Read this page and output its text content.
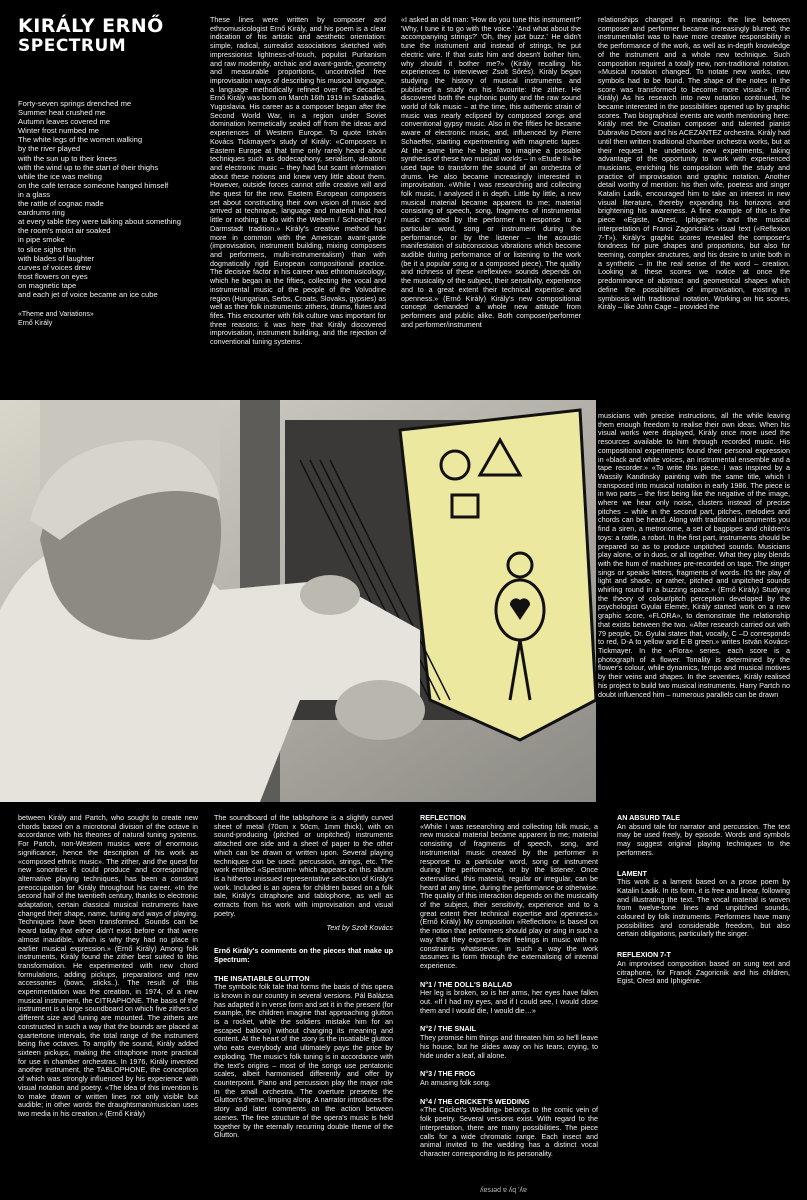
KIRÁLY ERNŐ
SPECTRUM
Forty-seven springs drenched me
Summer heat crushed me
Autumn leaves covered me
Winter frost numbed me
The white legs of the women walking
by the river played
with the sun up to their knees
with the wind up to the start of their thighs
while the ice was melting
on the café terrace someone hanged himself
in a glass
the rattle of cognac made
eardrums ring
at every table they were talking about something
the room's moist air soaked
in pipe smoke
to slice sighs thin
with blades of laughter
curves of voices drew
frost flowers on eyes
on magnetic tape
and each jet of voice became an ice cube
«Theme and Variations»
Ernő Király

These lines were written by composer and ethnomusicologist Ernő Király, and his poem is a clear indication of his artistic and aesthetic orientation: simple, radical, surrealist associations sketched with impressionist lightness-of-touch, populist Puritanism and raw modernity, archaic and avant-garde, geometry and measurable proportions, uncontrolled free improvisation ways of describing his musical language, a language methodically refined over the decades. Ernő Király was born on March 16th 1919 in Szabadka, Yugoslavia. His career as a composer began after the Second World War, in a region under Soviet domination hermetically sealed off from the ideas and experiences of Western Europe. To quote István Kovács Tickmayer's study of Király: «Composers in Eastern Europe at that time only rarely heard about techniques such as dodecaphony, serialism, aleatoric and electronic music – they had but scant information about these notions and knew very little about them. However, outside forces cannot stifle creative will and the quest for the new. Eastern European composers set about constructing their own vision of music and arrived at technique, language and material that had little or nothing to do with the Webern / Schoenberg / Darmstadt tradition.» Király's creative method has more in common with the American avant-garde (improvisation, instrument building, mixing composers and performers, multi-instrumentalism) than with dogmatically rigid European compositional practice. The decisive factor in his career was ethnomusicology, which he began in the fifties, collecting the vocal and instrumental music of the people of the Volvodine region (Hungarian, Serbs, Croats, Slovaks, gypsies) as well as their folk instruments: zithers, drums, flutes and fifes. This encounter with folk culture was important for three reasons: it was here that Király discovered improvisation, instrument building, and the rejection of conventional tuning systems.

«I asked an old man: 'How do you tune this instrument?' 'Why, I tune it to go with the voice.' 'And what about the accompanying strings?' 'Oh, they just buzz.' He didn't tune the instrument and instead of strings, he put electric wire. If that suits him and doesn't bother him, why should it bother me?» (Király recalling his experiences to interviewer Zsolt Sőrés). Király began studying the history of musical instruments and published a study on his favourite: the zither. He discovered both the euphonic purity and the raw sound world of folk music – at the time, this authentic strain of music was nearly eclipsed by composed songs and conventional gypsy music. Also in the fifties he became aware of electronic music, and, influenced by Pierre Schaeffer, starting experimenting with magnetic tapes. At the same time he began to imagine a possible synthesis of these two musical worlds – in «Etude II» he used tape to transform the sound of an orchestra of drums. He also became increasingly interested in improvisation. «While I was researching and collecting folk music, I analysed it in depth. Little by little, a new musical material became apparent to me; material consisting of speech, song, fragments of instrumental music created by the performer in response to a particular word, song or instrument during the performance, or by the listener – the acoustic manifestation of subconscious vibrations which become audible during performance of or listening to the work (be it a popular song or a composed piece). The quality and richness of these «reflexive» sounds depends on the musicality of the subject, their sensitivity, experience and to a great extent their technical expertise and openness.» (Ernő Király) Király's new compositional concept demanded a whole new attitude from performers and public alike. Both composer/performer and performer/instrument

relationships changed in meaning: the line between composer and performer became increasingly blurred; the instrumentalist was to have more creative responsibility in the performance of the work, as well as in-depth knowledge of the instrument and a whole new technique. Such composition required a totally new, non-traditional notation. «Musical notation changed. To notate new works, new symbols had to be found. The shape of the notes in the score was transformed to become more visual.» (Ernő Király) As his research into new notation continued, he became interested in the possibilities opened up by graphic scores. Two biographical events are worth mentioning here: Király met the Croatian composer and talented pianist Dubravko Detoni and his ACEZANTEZ orchestra. Király had until then written traditional chamber orchestra works, but at their request he undertook new experiments, taking advantage of the opportunity to work with experienced musicians, enriching his composition with the study and practice of improvisation and graphic notation. Another detail worthy of mention: his then wife, poetess and singer Katalin Ladik, encouraged him to take an interest in new visual literature, thereby expanding his horizons and brightening his awareness. A fine example of this is the piece «Egiste, Orest, Iphigenie» and the musical interpretation of Franci Zagoricnik's visual text («Reflexion 7-T»). Király's graphic scores revealed the composer's fondness for pure shapes and proportions, but also for teeming, complex structures, and his desire to unite both in a synthetic – in the real sense of the word – creation. Looking at these scores we notice at once the predominance of abstract and geometrical shapes which define the possibilities of improvisation, existing in symbiosis with traditional notation. Working on his scores, Király – like John Cage – provided the

musicians with precise instructions, all the while leaving them enough freedom to realise their own ideas. When his visual works were displayed, Király once more used the resources available to him through recorded music. His compositional experiments found their personal expression in «black and white voices, an instrumental ensemble and a tape recorder.» «To write this piece, I was inspired by a Wassily Kandinsky painting with the same title, which I transposed into musical notation in early 1986. The piece is in two parts – the first being like the negative of the image, where we hear only noise, clusters instead of precise pitches – while in the second part, pitches, melodies and chords can be heard. Along with traditional instruments you find a siren, a metronome, a set of bagpipes and children's toys: a rattle, a robot. In the first part, instruments should be prepared so as to produce unpitched sounds. Musicians play alone, or in duos, or all together. What they play blends with the hum of machines pre-recorded on tape. The singer sings or speaks letters, fragments of words. It's the play of light and shade, or rather, pitched and unpitched sounds whirling round in a buzzing space.» (Ernő Király) Studying the theory of colour/pitch perception developed by the psychologist Gyulai Elemér, Király started work on a new graphic score, «FLORA», to demonstrate the relationship that exists between the two. «After research carried out with 79 people, Dr. Gyulai states that, vocally, C –D corresponds to red, D-A to yellow and E-B green.» writes István Kovács-Tickmayer. In the «Flora» series, each score is a photograph of a flower. Tonality is determined by the flower's colour, while dynamics, tempo and musical motives by their veins and shapes. In the seventies, Király realised his project to build two musical instruments. Harry Partch no doubt influenced him – numerous parallels can be drawn

between Király and Partch, who sought to create new chords based on a microtonal division of the octave in accordance with his theories of natural tuning systems. For Partch, non-Western musics were of enormous significance, hence the description of his work as «composed ethnic music». The zither, and the quest for new sonorities it could produce and corresponding alternative playing techniques, has been a constant preoccupation for Király throughout his career. «In the second half of the twentieth century, thanks to electronic adaptation, certain classical musical instruments have changed their shape, name, tuning and ways of playing. Techniques have been transformed. Sounds can be heard today that either didn't exist before or that were almost inaudible, which is why they had no place in earlier musical expression.» (Ernő Király) Among folk instruments, Király found the zither best suited to this transformation. He experimented with new chord formulations, adding pickups, preparations and new accessories (bows, sticks..). The result of this experimentation was the creation, in 1974, of a new musical instrument, the CITRAPHONE. The basis of the instrument is a large soundboard on which five zithers of different size and tuning are mounted. The zithers are constructed in such a way that the bounds are placed at quartertone intervals, the total range of the instrument being five octaves. To amplify the sound, Király added sixteen pickups, making the citraphone more practical for use in chamber orchestras. In 1976, Király invented another instrument, the TABLOPHONE, the conception of which was strongly influenced by his experience with visual notation and poetry. «The idea of this invention is to make drawn or written lines not only visible but audible; in other words the draughtsman/musician uses two media in his creation.» (Ernő Király)

The soundboard of the tablophone is a slightly curved sheet of metal (70cm x 50cm, 1mm thick), with on sound-producing (pitched or unpitched) instruments attached one side and a sheet of paper to the other which can be drawn or written upon. Several playing techniques can be used: percussion, strings, etc. The work entitled «Spectrum» which appears on this album is a hitherto unissued representative selection of Király's work. Included is an opera for children based on a folk tale, Király's citraphone and tablophone, as well as extracts from his work with improvisation and visual poetry.

Text by Szolt Kovács
Ernő Király's comments on the pieces that make up Spectrum:
THE INSATIABLE GLUTTON

The symbolic folk tale that forms the basis of this opera is known in our country in several versions. Pál Balázsa has adapted it in verse form and set it in the present (for example, the children imagine that approaching glutton is a rocket, while the soldiers mistake him for an escaped balloon) without changing its meaning and content. At the heart of the story is the insatiable glutton who eats everybody and ultimately pays the price by exploding. The music's folk tuning is in accordance with the text's origins – most of the songs use pentatonic scales, albeit harmonised differently and offer by counterpoint. Piano and percussion play the major role in the small orchestra. The overture presents the Glutton's theme, limping along. A narrator introduces the story and later comments on the action between scenes. The free structure of the opera's music is held together by the eternally recurring double theme of the Glutton.

REFLECTION

«While I was researching and collecting folk music, a new musical material became apparent to me; material consisting of fragments of speech, song, and instrumental music created by the performer in response to a particular word, song or instrument during the performance, or by the listener. Once externalised, this material, regular or irregular, can be heard at any time, during the performance or otherwise. The quality of this interaction depends on the musicality of the subject, their sensitivity, experience and to a great extent their technical expertise and openness.» (Ernő Király) My composition «Reflection» is based on the notion that performers should play or sing in such a way that they express their feelings in music with no constraints whatsoever, in such a way the work assumes its form through the externalising of internal experience.

N°1 / THE DOLL'S BALLAD

Her leg is broken, so is her arms, her eyes have fallen out. «If I had my eyes, and if I could see, I would close them and I would die, I would die…»

N°2 / THE SNAIL

They promise him things and threaten him so he'll leave his house, but he slides away on his tears, crying, to hide under a leaf, all alone.

N°3 / THE FROG

An amusing folk song.

N°4 / THE CRICKET'S WEDDING

«The Cricket's Wedding» belongs to the comic vein of folk poetry. Several versions exist. With regard to the interpretation, there are many possibilities. The piece calls for a wide chromatic range. Each insect and animal invited to the wedding has a distinct vocal character corresponding to its personality.

AN ABSURD TALE

An absurd tale for narrator and percussion. The text may be used freely, by episode. Words and symbols may suggest original playing techniques to the performers.

LAMENT

This work is a lament based on a prose poem by Katalin Ladik. In its form, it is free and linear, following and illustrating the text. The vocal material is woven from twelve-tone lines and unpitched sounds, coloured by folk instruments. Performers have many possibilities and considerable freedom, but also certain obligations, particularly the singer.

REFLEXION 7-T

An improvised composition based on sung text and citraphone, for Franck Zagoricnik and his children, Egist, Orest and Iphigénie.

ʎɐsɹǝd ɐ ʎq 'ʎɐ
